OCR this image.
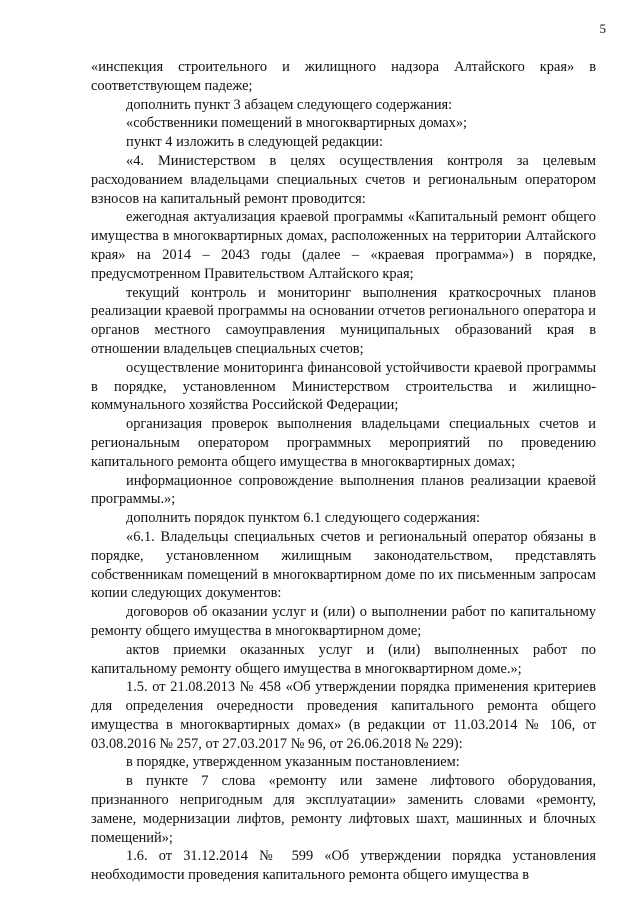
5

«инспекция строительного и жилищного надзора Алтайского края» в соответствующем падеже;

дополнить пункт 3 абзацем следующего содержания:

«собственники помещений в многоквартирных домах»;

пункт 4 изложить в следующей редакции:

«4. Министерством в целях осуществления контроля за целевым расходованием владельцами специальных счетов и региональным оператором взносов на капитальный ремонт проводится:

ежегодная актуализация краевой программы «Капитальный ремонт общего имущества в многоквартирных домах, расположенных на территории Алтайского края» на 2014 – 2043 годы (далее – «краевая программа») в порядке, предусмотренном Правительством Алтайского края;

текущий контроль и мониторинг выполнения краткосрочных планов реализации краевой программы на основании отчетов регионального оператора и органов местного самоуправления муниципальных образований края в отношении владельцев специальных счетов;

осуществление мониторинга финансовой устойчивости краевой программы в порядке, установленном Министерством строительства и жилищно-коммунального хозяйства Российской Федерации;

организация проверок выполнения владельцами специальных счетов и региональным оператором программных мероприятий по проведению капитального ремонта общего имущества в многоквартирных домах;

информационное сопровождение выполнения планов реализации краевой программы.»;

дополнить порядок пунктом 6.1 следующего содержания:

«6.1. Владельцы специальных счетов и региональный оператор обязаны в порядке, установленном жилищным законодательством, представлять собственникам помещений в многоквартирном доме по их письменным запросам копии следующих документов:

договоров об оказании услуг и (или) о выполнении работ по капитальному ремонту общего имущества в многоквартирном доме;

актов приемки оказанных услуг и (или) выполненных работ по капитальному ремонту общего имущества в многоквартирном доме.»;

1.5. от 21.08.2013 № 458 «Об утверждении порядка применения критериев для определения очередности проведения капитального ремонта общего имущества в многоквартирных домах» (в редакции от 11.03.2014 № 106, от 03.08.2016 № 257, от 27.03.2017 № 96, от 26.06.2018 № 229):

в порядке, утвержденном указанным постановлением:

в пункте 7 слова «ремонту или замене лифтового оборудования, признанного непригодным для эксплуатации» заменить словами «ремонту, замене, модернизации лифтов, ремонту лифтовых шахт, машинных и блочных помещений»;

1.6. от 31.12.2014 № 599 «Об утверждении порядка установления необходимости проведения капитального ремонта общего имущества в
